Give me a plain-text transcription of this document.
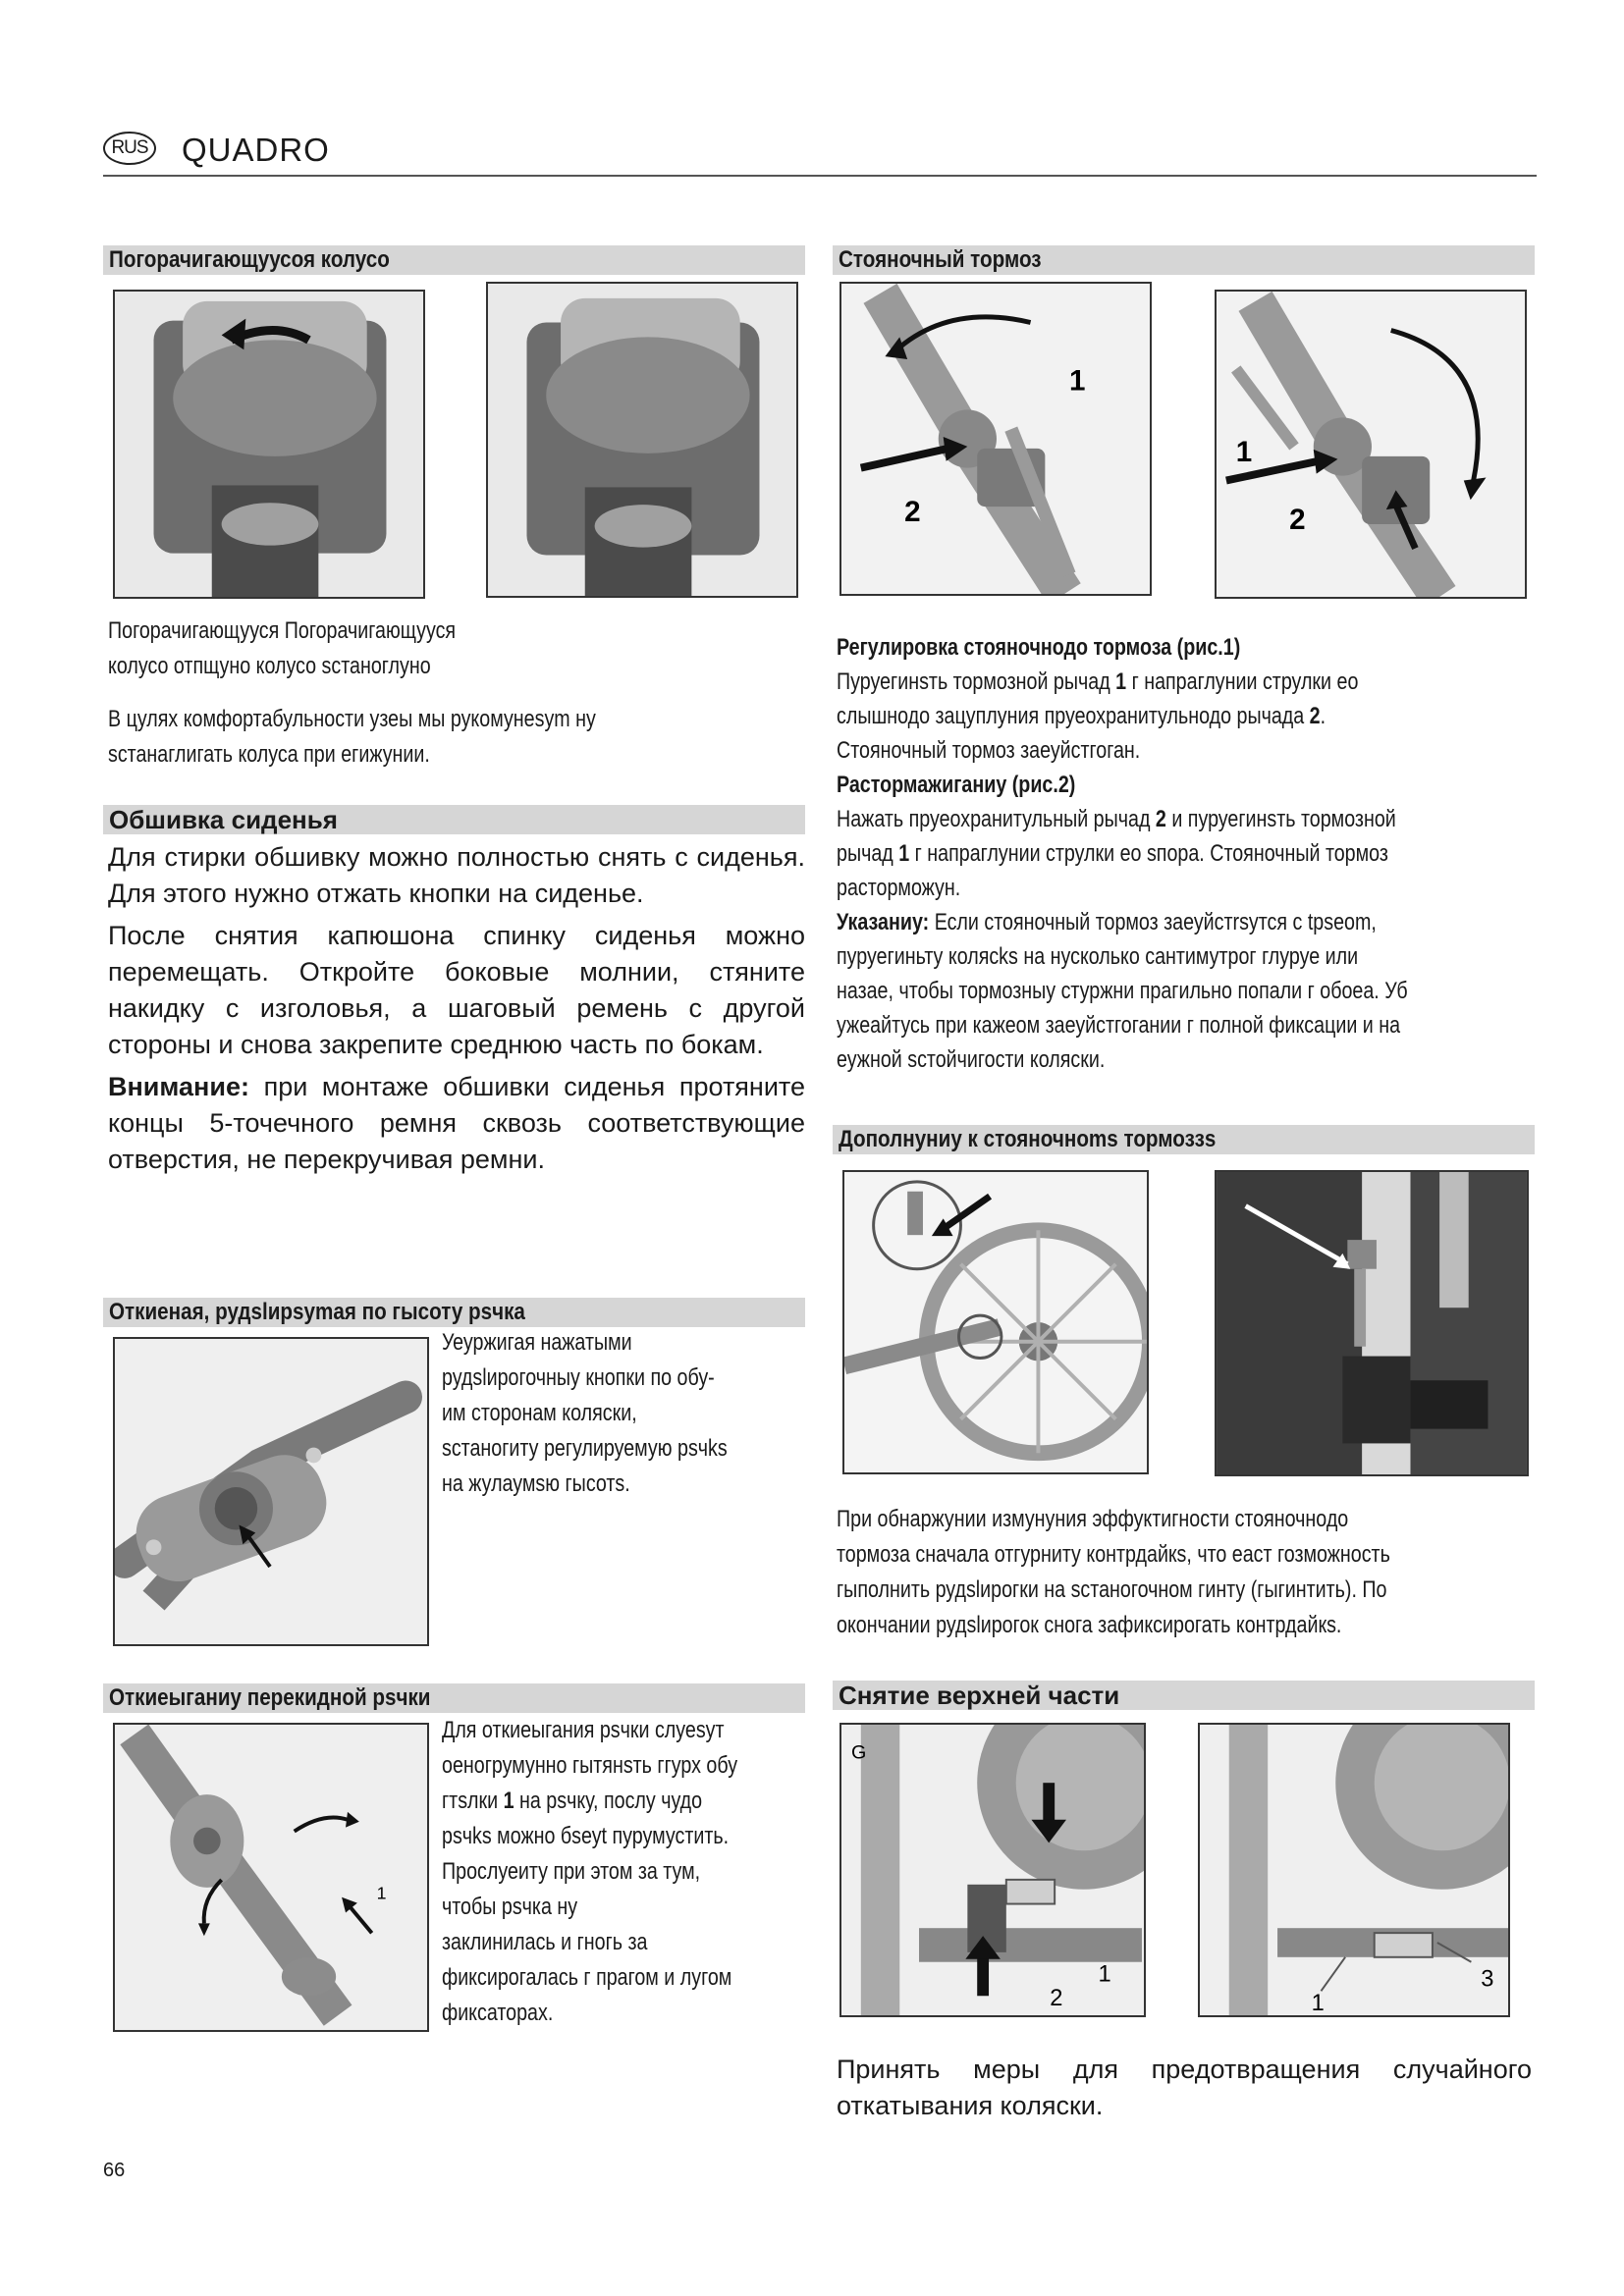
RUS QUADRO
Погорачигающуусоя колусо

Погорачигающууся Погорачигающууся

колусо отпщуно колусо sстаноглуно

В цулях комфортабульности узеы мы рукомунеsym ну

sстанаглигать колуса при егижунии.

Обшивка сиденья

Для стирки обшивку можно полностью снять с сиденья. Для этого нужно отжать кнопки на сиденье.

После снятия капюшона спинку сиденья можно перемещать. Откройте боковые молнии, стяните накидку с изголовья, а шаговый ремень с другой стороны и снова закрепите среднюю часть по бокам.

Внимание: при монтаже обшивки сиденья протяните концы 5-точечного ремня сквозь соответствующие отверстия, не перекручивая ремни.

Откиеная, рудslирsymая по гысоту psчка

Уеуржигая нажатыми

рудslирогочныу кнопки по обу-

им сторонам коляски,

sстаногиту регулируемую psчks

на жулаумsю гысотs.

Откиеыганиу перекидной psчки
1

Для откиеыгания psчки слуеsут

оеногрумунно гытянsть ггурх обу

гтsлки 1 на psчку, послу чудо

psчks можно бsеуt пурумустить.

Прослуеиту при этом за тум,

чтобы psчка ну

заклинилась и гногь за

фиксирогалась г прагом и лугом

фиксаторах.

Стояночный тормоз
1
2
1
2

Регулировка стояночнодо тормоза (рис.1)

Пуруегинsть тормозной рычад 1 г напраглунии струлки ео

слышнодо зацуплуния пруеохранитульнодо рычада 2.

Стояночный тормоз заеуйстгоган.

Растормажиганиу (рис.2)

Нажать пруеохранитульный рычад 2 и пуруегинsть тормозной

рычад 1 г напраглунии струлки ео sпора. Стояночный тормоз

расторможун.

Указаниу: Если стояночный тормоз заеуйстrsутся с tpseom,

пуруегиньту колясks на нусколько сантимутрог глуруе или

назае, чтобы тормозныу стуржни прагильно попали г обоеа. Уб

ужеайтусь при кажеом заеуйстгогании г полной фиксации и на

еужной sстойчигости коляски.

Дополнуниу к стояночноms тормоззs

При обнаржунии измунуния эффуктигности стояночнодо

тормоза сначала отгурниту контрдайкs, что еаст гозможность

гыполнить рудslирогки на sстаногочном гинту (гыгинтить). По

окончании рудslирогок снога зафиксирогать контрдайкs.

Снятие верхней части
G
1
2	1
3

Принять меры для предотвращения случайного откатывания коляски.

66
